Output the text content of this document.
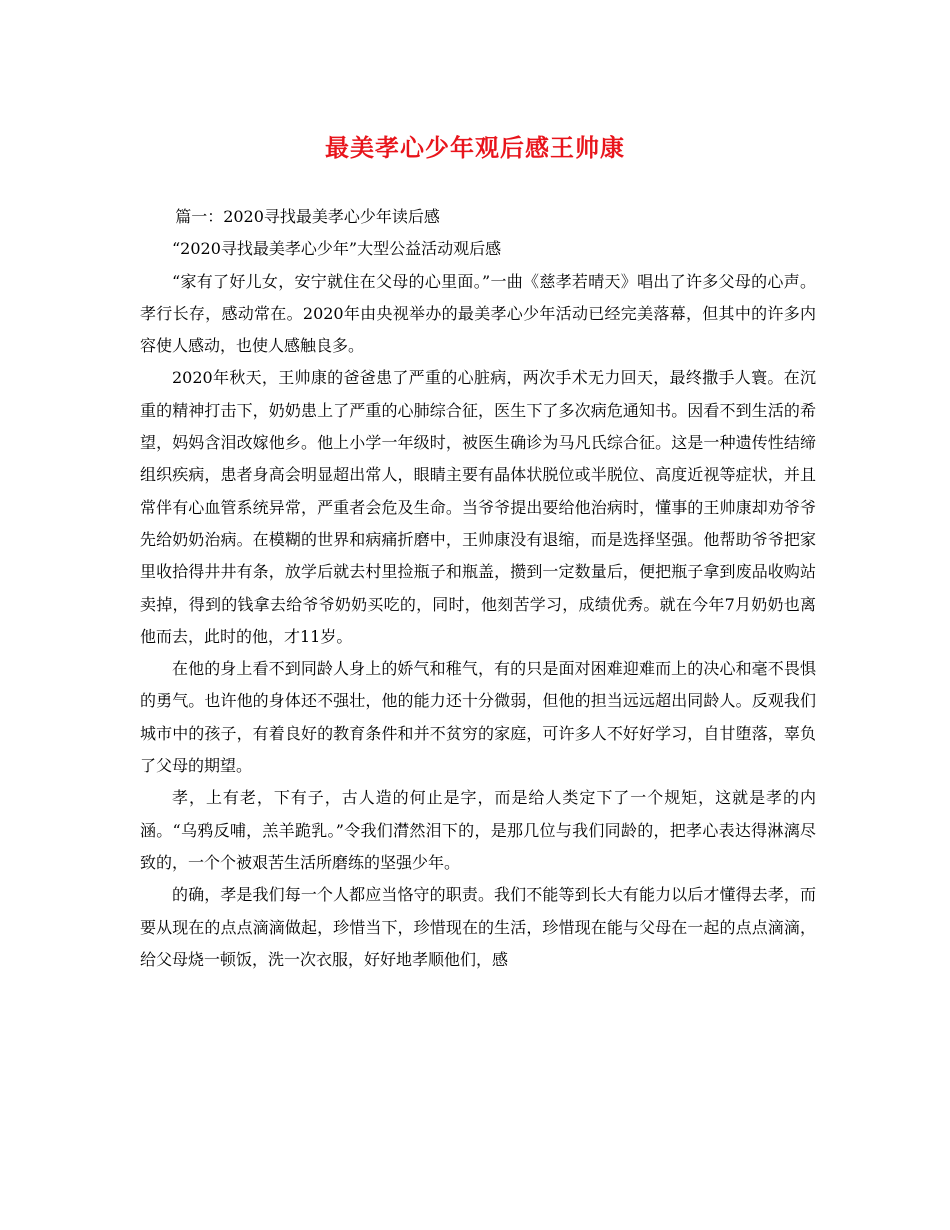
最美孝心少年观后感王帅康

篇一：2020寻找最美孝心少年读后感

“2020寻找最美孝心少年”大型公益活动观后感

“家有了好儿女，安宁就住在父母的心里面。”一曲《慈孝若晴天》唱出了许多父母的心声。孝行长存，感动常在。2020年由央视举办的最美孝心少年活动已经完美落幕，但其中的许多内容使人感动，也使人感触良多。

2020年秋天，王帅康的爸爸患了严重的心脏病，两次手术无力回天，最终撒手人寰。在沉重的精神打击下，奶奶患上了严重的心肺综合征，医生下了多次病危通知书。因看不到生活的希望，妈妈含泪改嫁他乡。他上小学一年级时，被医生确诊为马凡氏综合征。这是一种遗传性结缔组织疾病，患者身高会明显超出常人，眼睛主要有晶体状脱位或半脱位、高度近视等症状，并且常伴有心血管系统异常，严重者会危及生命。当爷爷提出要给他治病时，懂事的王帅康却劝爷爷先给奶奶治病。在模糊的世界和病痛折磨中，王帅康没有退缩，而是选择坚强。他帮助爷爷把家里收拾得井井有条，放学后就去村里捡瓶子和瓶盖，攒到一定数量后，便把瓶子拿到废品收购站卖掉，得到的钱拿去给爷爷奶奶买吃的，同时，他刻苦学习，成绩优秀。就在今年7月奶奶也离他而去，此时的他，才11岁。

在他的身上看不到同龄人身上的娇气和稚气，有的只是面对困难迎难而上的决心和毫不畏惧的勇气。也许他的身体还不强壮，他的能力还十分微弱，但他的担当远远超出同龄人。反观我们城市中的孩子，有着良好的教育条件和并不贫穷的家庭，可许多人不好好学习，自甘堕落，辜负了父母的期望。

孝，上有老，下有子，古人造的何止是字，而是给人类定下了一个规矩，这就是孝的内涵。“乌鸦反哺，羔羊跪乳。”令我们潸然泪下的，是那几位与我们同龄的，把孝心表达得淋漓尽致的，一个个被艰苦生活所磨练的坚强少年。

的确，孝是我们每一个人都应当恪守的职责。我们不能等到长大有能力以后才懂得去孝，而要从现在的点点滴滴做起，珍惜当下，珍惜现在的生活，珍惜现在能与父母在一起的点点滴滴，给父母烧一顿饭，洗一次衣服，好好地孝顺他们，感
